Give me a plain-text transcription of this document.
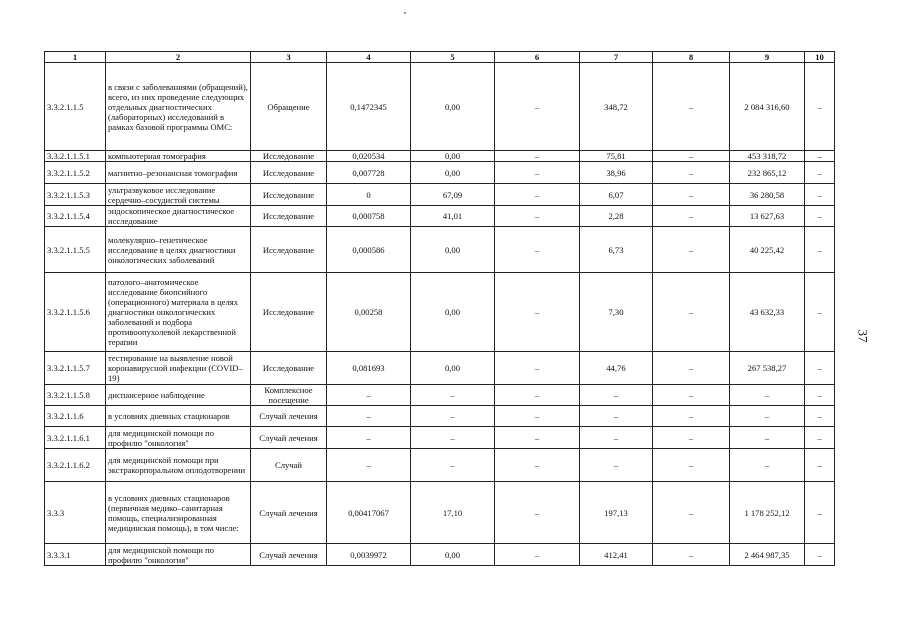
1	2	3	4	5	6	7	8	9	10
3.3.2.1.1.5	в связи с заболеваниями (обращений), всего, из них проведение следующих отдельных диагностических (лабораторных) исследований в рамках базовой программы ОМС:	Обращение	0,1472345	0,00	–	348,72	–	2 084 316,60	–
3.3.2.1.1.5.1	компьютерная томография	Исследование	0,020534	0,00	–	75,81	–	453 318,72	–
3.3.2.1.1.5.2	магнитно–резонансная томография	Исследование	0,007728	0,00	–	38,96	–	232 865,12	–
3.3.2.1.1.5.3	ультразвуковое исследование сердечно–сосудистой системы	Исследование	0	67,09	–	6,07	–	36 280,58	–
3.3.2.1.1.5.4	эндоскопическое диагностическое исследование	Исследование	0,000758	41,01	–	2,28	–	13 627,63	–
3.3.2.1.1.5.5	молекулярно–генетическое исследование в целях диагностики онкологических заболеваний	Исследование	0,000586	0,00	–	6,73	–	40 225,42	–
3.3.2.1.1.5.6	патолого–анатомическое исследование биопсийного (операционного) материала в целях диагностики онкологических заболеваний и подбора противоопухолевой лекарственной терапии	Исследование	0,00258	0,00	–	7,30	–	43 632,33	–
3.3.2.1.1.5.7	тестирование на выявление новой коронавирусной инфекции (COVID–19)	Исследование	0,081693	0,00	–	44,76	–	267 538,27	–
3.3.2.1.1.5.8	диспансерное наблюдение	Комплексное посещение	–	–	–	–	–	–	–
3.3.2.1.1.6	в условиях дневных стационаров	Случай лечения	–	–	–	–	–	–	–
3.3.2.1.1.6.1	для медицинской помощи по профилю "онкология"	Случай лечения	–	–	–	–	–	–	–
3.3.2.1.1.6.2	для медицинской помощи при экстракорпоральном оплодотворении	Случай	–	–	–	–	–	–	–
3.3.3	в условиях дневных стационаров (первичная медико–санитарная помощь, специализированная медицинская помощь), в том числе:	Случай лечения	0,00417067	17,10	–	197,13	–	1 178 252,12	–
3.3.3.1	для медицинской помощи по профилю "онкология"	Случай лечения	0,0039972	0,00	–	412,41	–	2 464 987,35	–
37
